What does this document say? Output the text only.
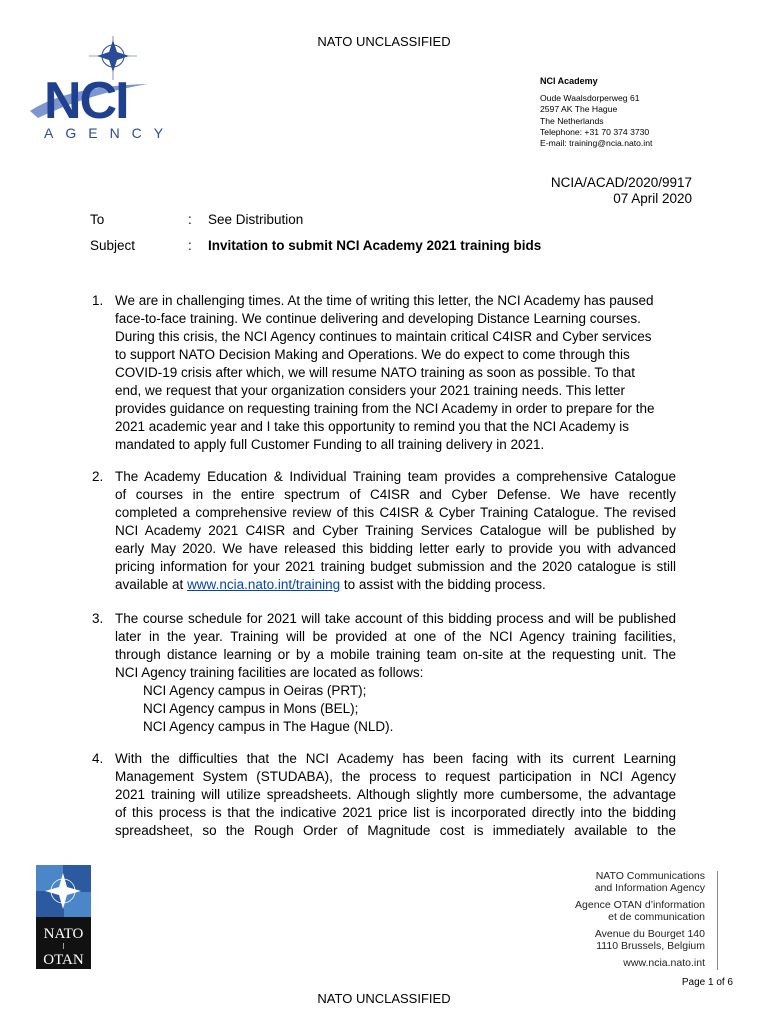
NATO UNCLASSIFIED
NCI
AGENCY
NCI Academy
Oude Waalsdorperweg 61
2597 AK The Hague
The Netherlands
Telephone: +31 70 374 3730
E-mail: training@ncia.nato.int
NCIA/ACAD/2020/9917
07 April 2020
To	: See Distribution
Subject	: Invitation to submit NCI Academy 2021 training bids
1. We are in challenging times. At the time of writing this letter, the NCI Academy has paused
face-to-face training. We continue delivering and developing Distance Learning courses.
During this crisis, the NCI Agency continues to maintain critical C4ISR and Cyber services
to support NATO Decision Making and Operations. We do expect to come through this
COVID-19 crisis after which, we will resume NATO training as soon as possible. To that
end, we request that your organization considers your 2021 training needs. This letter
provides guidance on requesting training from the NCI Academy in order to prepare for the
2021 academic year and I take this opportunity to remind you that the NCI Academy is
mandated to apply full Customer Funding to all training delivery in 2021.
2. The Academy Education & Individual Training team provides a comprehensive Catalogue
of courses in the entire spectrum of C4ISR and Cyber Defense. We have recently
completed a comprehensive review of this C4ISR & Cyber Training Catalogue. The revised
NCI Academy 2021 C4ISR and Cyber Training Services Catalogue will be published by
early May 2020. We have released this bidding letter early to provide you with advanced
pricing information for your 2021 training budget submission and the 2020 catalogue is still
available at www.ncia.nato.int/training to assist with the bidding process.
3. The course schedule for 2021 will take account of this bidding process and will be published
later in the year. Training will be provided at one of the NCI Agency training facilities,
through distance learning or by a mobile training team on-site at the requesting unit. The
NCI Agency training facilities are located as follows:
NCI Agency campus in Oeiras (PRT);
NCI Agency campus in Mons (BEL);
NCI Agency campus in The Hague (NLD).
4. With the difficulties that the NCI Academy has been facing with its current Learning
Management System (STUDABA), the process to request participation in NCI Agency
2021 training will utilize spreadsheets. Although slightly more cumbersome, the advantage
of this process is that the indicative 2021 price list is incorporated directly into the bidding
spreadsheet, so the Rough Order of Magnitude cost is immediately available to the
NATO
OTAN
NATO Communications
and Information Agency
Agence OTAN d’information
et de communication
Avenue du Bourget 140
1110 Brussels, Belgium
www.ncia.nato.int
Page 1 of 6
NATO UNCLASSIFIED
